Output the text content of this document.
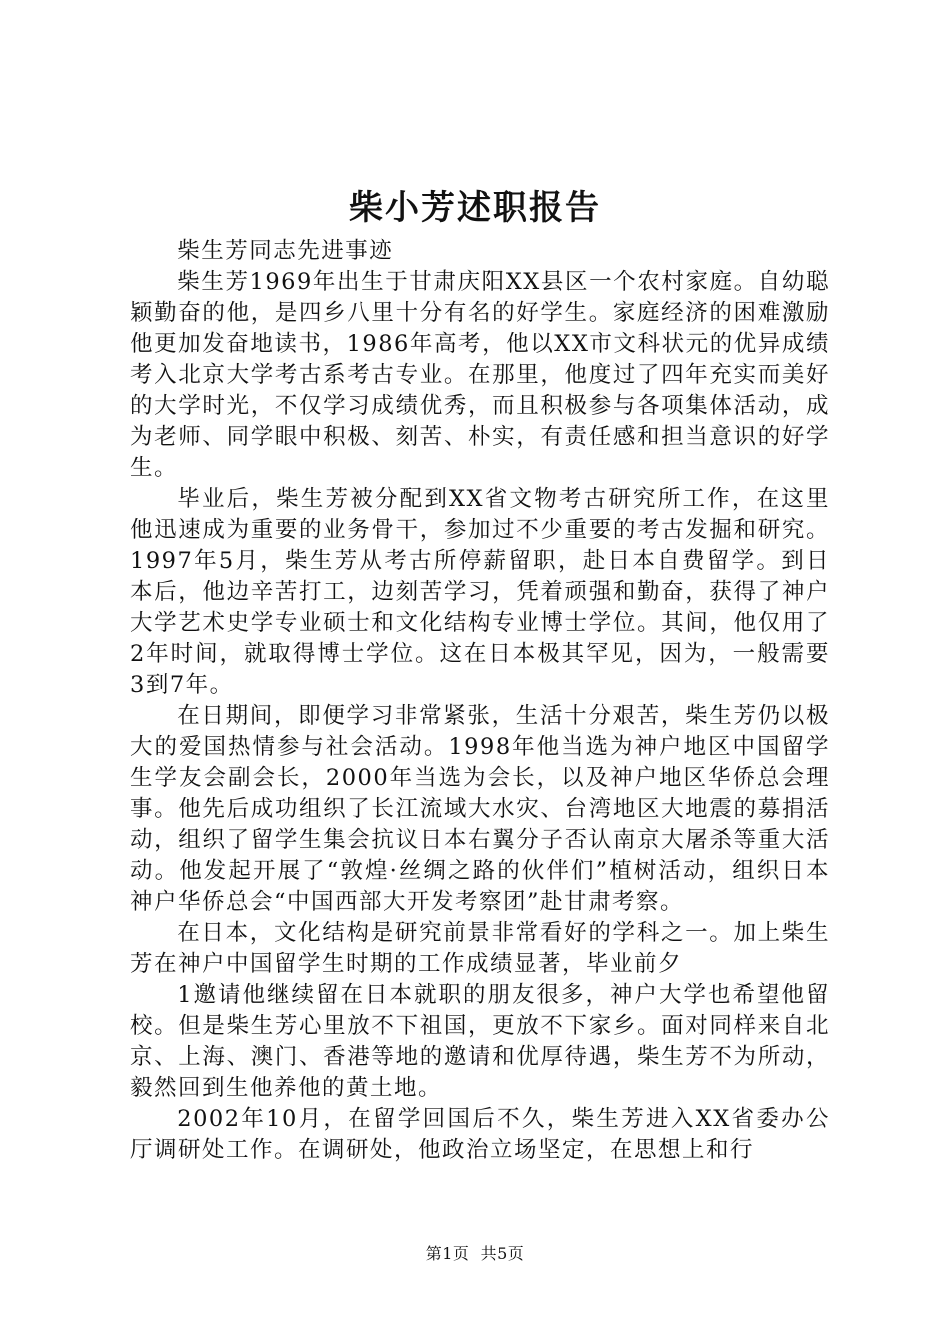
柴小芳述职报告

柴生芳同志先进事迹

柴生芳1969年出生于甘肃庆阳XX县区一个农村家庭。自幼聪颖勤奋的他，是四乡八里十分有名的好学生。家庭经济的困难激励他更加发奋地读书，1986年高考，他以XX市文科状元的优异成绩考入北京大学考古系考古专业。在那里，他度过了四年充实而美好的大学时光，不仅学习成绩优秀，而且积极参与各项集体活动，成为老师、同学眼中积极、刻苦、朴实，有责任感和担当意识的好学生。

毕业后，柴生芳被分配到XX省文物考古研究所工作，在这里他迅速成为重要的业务骨干，参加过不少重要的考古发掘和研究。1997年5月，柴生芳从考古所停薪留职，赴日本自费留学。到日本后，他边辛苦打工，边刻苦学习，凭着顽强和勤奋，获得了神户大学艺术史学专业硕士和文化结构专业博士学位。其间，他仅用了2年时间，就取得博士学位。这在日本极其罕见，因为，一般需要3到7年。

在日期间，即便学习非常紧张，生活十分艰苦，柴生芳仍以极大的爱国热情参与社会活动。1998年他当选为神户地区中国留学生学友会副会长，2000年当选为会长，以及神户地区华侨总会理事。他先后成功组织了长江流域大水灾、台湾地区大地震的募捐活动，组织了留学生集会抗议日本右翼分子否认南京大屠杀等重大活动。他发起开展了“敦煌·丝绸之路的伙伴们”植树活动，组织日本神户华侨总会“中国西部大开发考察团”赴甘肃考察。

在日本，文化结构是研究前景非常看好的学科之一。加上柴生芳在神户中国留学生时期的工作成绩显著，毕业前夕

1邀请他继续留在日本就职的朋友很多，神户大学也希望他留校。但是柴生芳心里放不下祖国，更放不下家乡。面对同样来自北京、上海、澳门、香港等地的邀请和优厚待遇，柴生芳不为所动，毅然回到生他养他的黄土地。

2002年10月，在留学回国后不久，柴生芳进入XX省委办公厅调研处工作。在调研处，他政治立场坚定，在思想上和行

第1页  共5页
